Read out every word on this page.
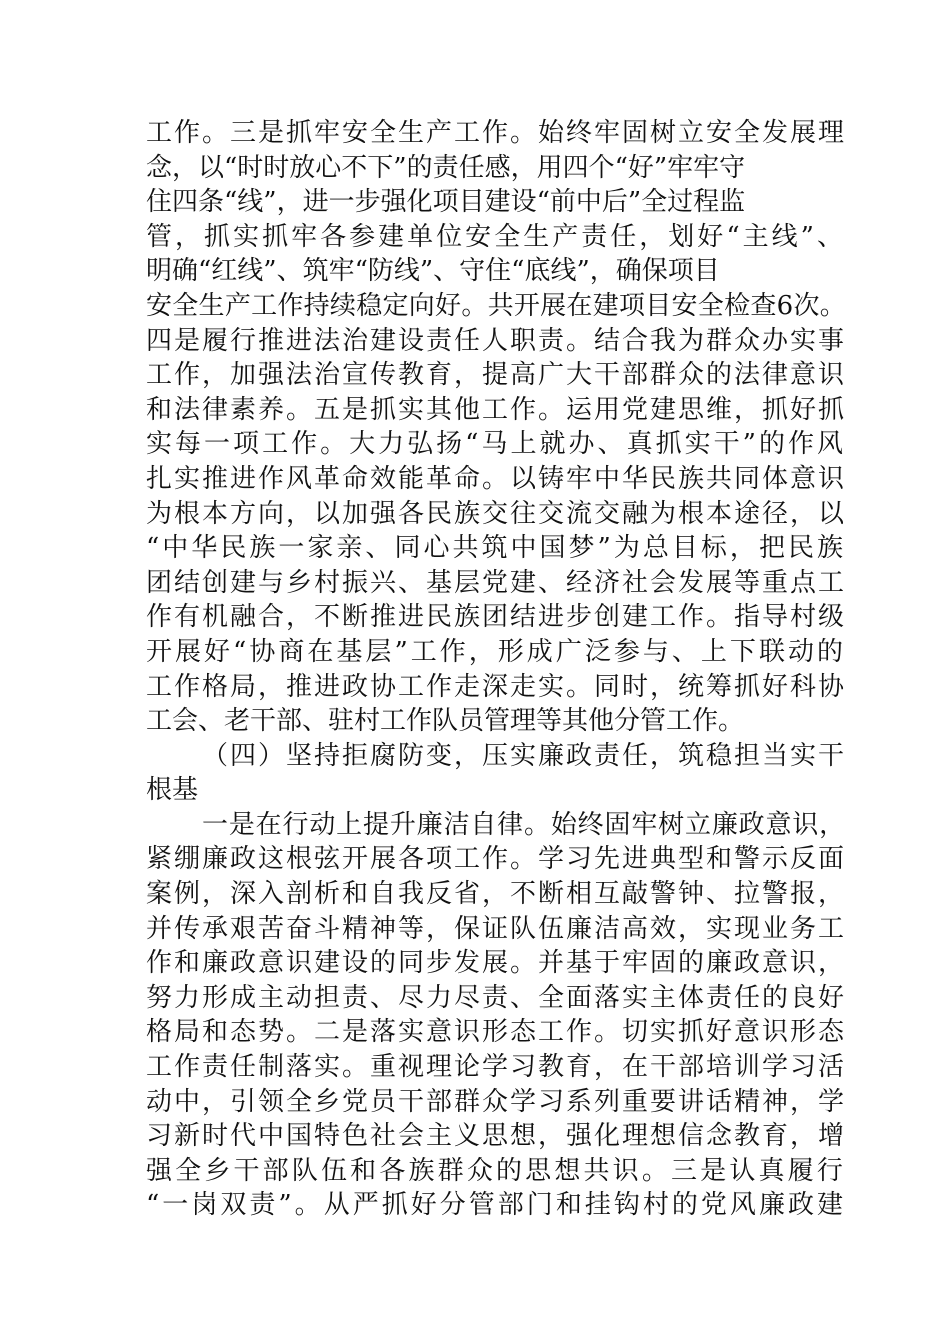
工作。三是抓牢安全生产工作。始终牢固树立安全发展理
念，以“时时放心不下”的责任感，用四个“好”牢牢守
住四条“线”，进一步强化项目建设“前中后”全过程监
管，抓实抓牢各参建单位安全生产责任，划好“主线”、
明确“红线”、筑牢“防线”、守住“底线”，确保项目
安全生产工作持续稳定向好。共开展在建项目安全检查6次。
四是履行推进法治建设责任人职责。结合我为群众办实事
工作，加强法治宣传教育，提高广大干部群众的法律意识
和法律素养。五是抓实其他工作。运用党建思维，抓好抓
实每一项工作。大力弘扬“马上就办、真抓实干”的作风
扎实推进作风革命效能革命。以铸牢中华民族共同体意识
为根本方向，以加强各民族交往交流交融为根本途径，以
“中华民族一家亲、同心共筑中国梦”为总目标，把民族
团结创建与乡村振兴、基层党建、经济社会发展等重点工
作有机融合，不断推进民族团结进步创建工作。指导村级
开展好“协商在基层”工作，形成广泛参与、上下联动的
工作格局，推进政协工作走深走实。同时，统筹抓好科协
工会、老干部、驻村工作队员管理等其他分管工作。
（四）坚持拒腐防变，压实廉政责任，筑稳担当实干
根基
一是在行动上提升廉洁自律。始终固牢树立廉政意识，
紧绷廉政这根弦开展各项工作。学习先进典型和警示反面
案例，深入剖析和自我反省，不断相互敲警钟、拉警报，
并传承艰苦奋斗精神等，保证队伍廉洁高效，实现业务工
作和廉政意识建设的同步发展。并基于牢固的廉政意识，
努力形成主动担责、尽力尽责、全面落实主体责任的良好
格局和态势。二是落实意识形态工作。切实抓好意识形态
工作责任制落实。重视理论学习教育，在干部培训学习活
动中，引领全乡党员干部群众学习系列重要讲话精神，学
习新时代中国特色社会主义思想，强化理想信念教育，增
强全乡干部队伍和各族群众的思想共识。三是认真履行
“一岗双责”。从严抓好分管部门和挂钩村的党风廉政建
